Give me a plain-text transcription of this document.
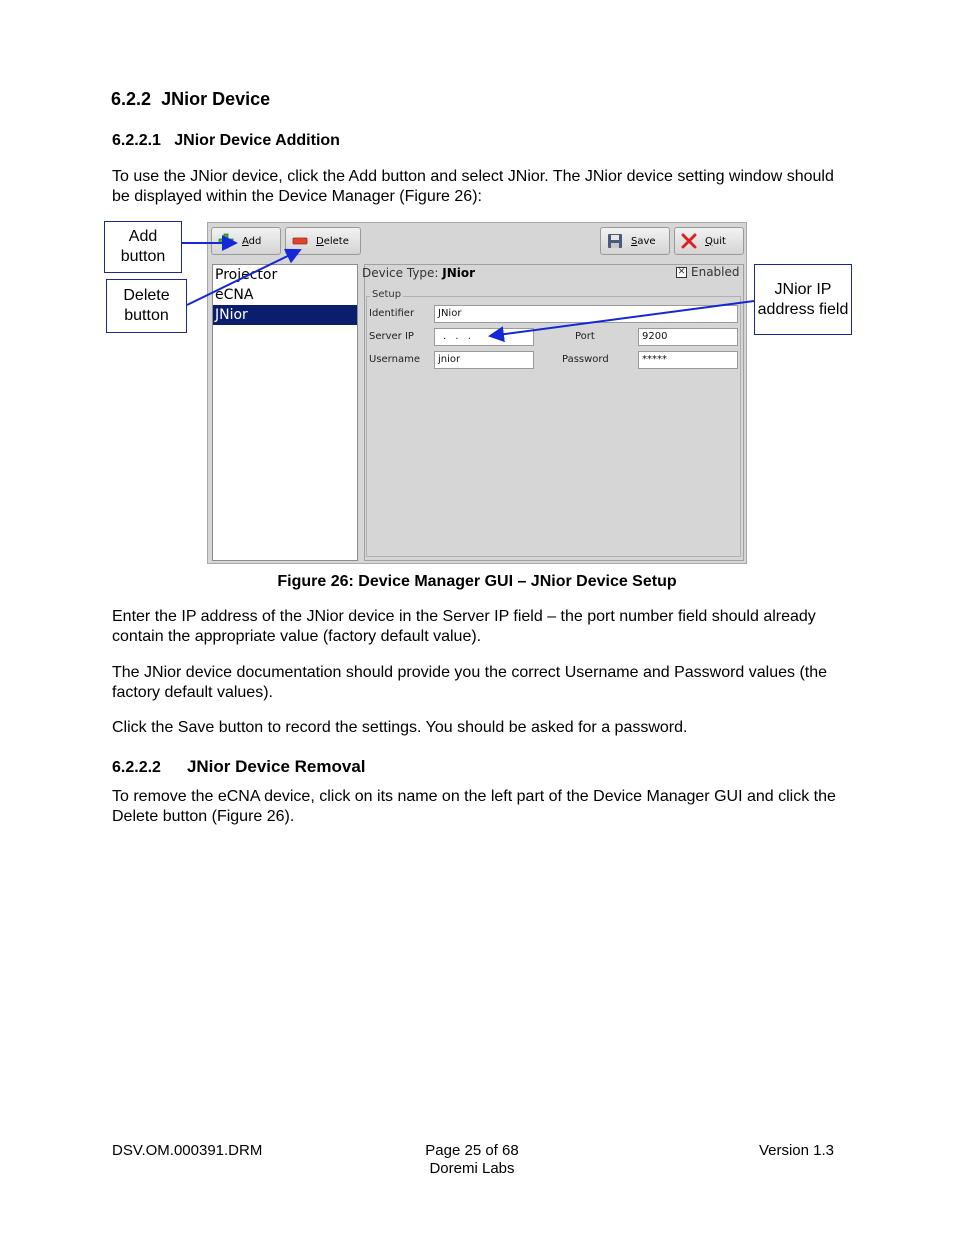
6.2.2 JNior Device
6.2.2.1 JNior Device Addition
To use the JNior device, click the Add button and select JNior. The JNior device setting window should be displayed within the Device Manager (Figure 26):
Add	Delete	Save	Quit
Projector
eCNA
JNior
Device Type: JNior	✕ Enabled
Setup
Identifier	JNior
Server IP	. . .	Port	9200
Username	jnior	Password	*****
Add button
Delete button
JNior IP address field
Figure 26: Device Manager GUI – JNior Device Setup
Enter the IP address of the JNior device in the Server IP field – the port number field should already contain the appropriate value (factory default value).
The JNior device documentation should provide you the correct Username and Password values (the factory default values).
Click the Save button to record the settings. You should be asked for a password.
6.2.2.2 JNior Device Removal
To remove the eCNA device, click on its name on the left part of the Device Manager GUI and click the Delete button (Figure 26).
DSV.OM.000391.DRM	Page 25 of 68
Doremi Labs
Version 1.3
